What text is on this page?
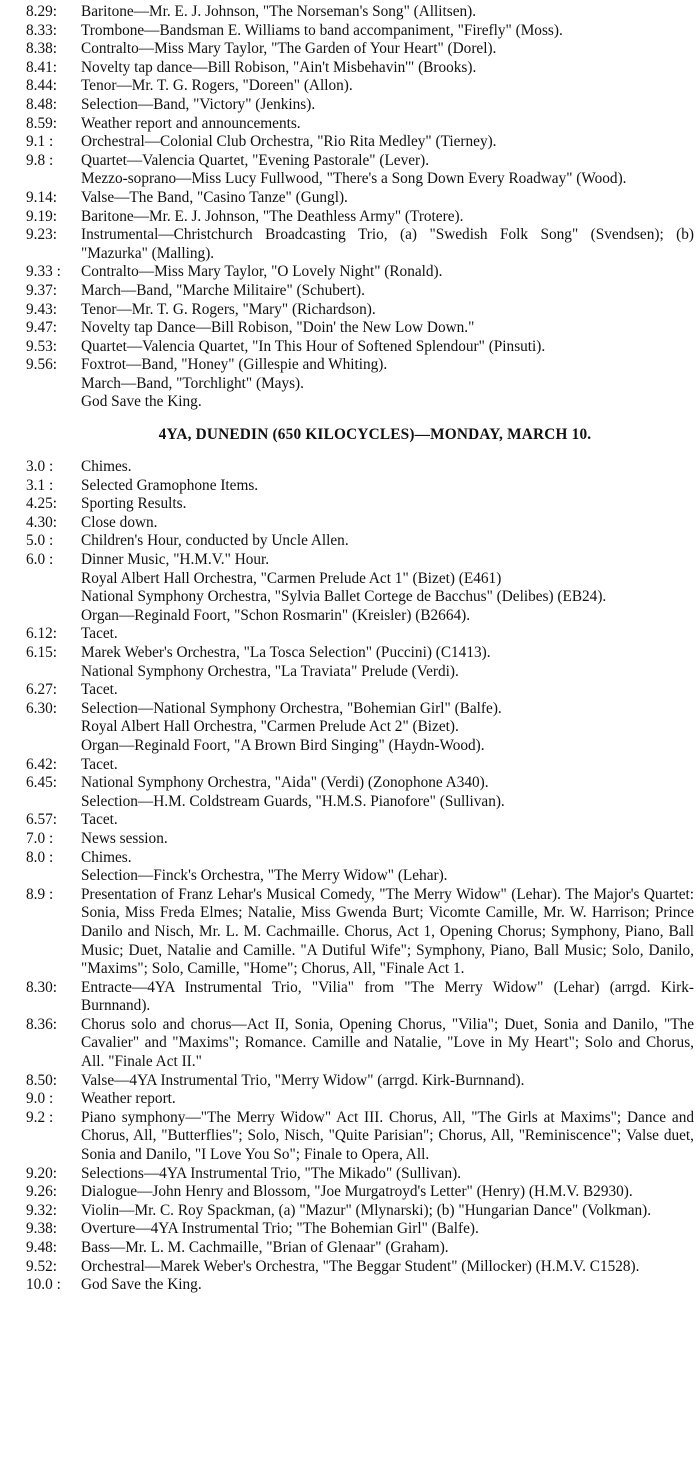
8.29:	Baritone—Mr. E. J. Johnson, "The Norseman's Song" (Allitsen).
8.33:	Trombone—Bandsman E. Williams to band accompaniment, "Firefly" (Moss).
8.38:	Contralto—Miss Mary Taylor, "The Garden of Your Heart" (Dorel).
8.41:	Novelty tap dance—Bill Robison, "Ain't Misbehavin'" (Brooks).
8.44:	Tenor—Mr. T. G. Rogers, "Doreen" (Allon).
8.48:	Selection—Band, "Victory" (Jenkins).
8.59:	Weather report and announcements.
9.1 :	Orchestral—Colonial Club Orchestra, "Rio Rita Medley" (Tierney).
9.8 :	Quartet—Valencia Quartet, "Evening Pastorale" (Lever).
Mezzo-soprano—Miss Lucy Fullwood, "There's a Song Down Every Roadway" (Wood).
9.14:	Valse—The Band, "Casino Tanze" (Gungl).
9.19:	Baritone—Mr. E. J. Johnson, "The Deathless Army" (Trotere).
9.23:	Instrumental—Christchurch Broadcasting Trio, (a) "Swedish Folk Song" (Svendsen); (b) "Mazurka" (Malling).
9.33 :	Contralto—Miss Mary Taylor, "O Lovely Night" (Ronald).
9.37:	March—Band, "Marche Militaire" (Schubert).
9.43:	Tenor—Mr. T. G. Rogers, "Mary" (Richardson).
9.47:	Novelty tap Dance—Bill Robison, "Doin' the New Low Down."
9.53:	Quartet—Valencia Quartet, "In This Hour of Softened Splendour" (Pinsuti).
9.56:	Foxtrot—Band, "Honey" (Gillespie and Whiting).
March—Band, "Torchlight" (Mays).
God Save the King.
4YA, DUNEDIN (650 KILOCYCLES)—MONDAY, MARCH 10.
3.0 :	Chimes.
3.1 :	Selected Gramophone Items.
4.25:	Sporting Results.
4.30:	Close down.
5.0 :	Children's Hour, conducted by Uncle Allen.
6.0 :	Dinner Music, "H.M.V." Hour.
Royal Albert Hall Orchestra, "Carmen Prelude Act 1" (Bizet) (E461)
National Symphony Orchestra, "Sylvia Ballet Cortege de Bacchus" (Delibes) (EB24).
Organ—Reginald Foort, "Schon Rosmarin" (Kreisler) (B2664).
6.12:	Tacet.
6.15:	Marek Weber's Orchestra, "La Tosca Selection" (Puccini) (C1413).
National Symphony Orchestra, "La Traviata" Prelude (Verdi).
6.27:	Tacet.
6.30:	Selection—National Symphony Orchestra, "Bohemian Girl" (Balfe).
Royal Albert Hall Orchestra, "Carmen Prelude Act 2" (Bizet).
Organ—Reginald Foort, "A Brown Bird Singing" (Haydn-Wood).
6.42:	Tacet.
6.45:	National Symphony Orchestra, "Aida" (Verdi) (Zonophone A340).
Selection—H.M. Coldstream Guards, "H.M.S. Pianofore" (Sullivan).
6.57:	Tacet.
7.0 :	News session.
8.0 :	Chimes.
Selection—Finck's Orchestra, "The Merry Widow" (Lehar).
8.9 :	Presentation of Franz Lehar's Musical Comedy, "The Merry Widow" (Lehar). The Major's Quartet: Sonia, Miss Freda Elmes; Natalie, Miss Gwenda Burt; Vicomte Camille, Mr. W. Harrison; Prince Danilo and Nisch, Mr. L. M. Cachmaille. Chorus, Act 1, Opening Chorus; Symphony, Piano, Ball Music; Duet, Natalie and Camille. "A Dutiful Wife"; Symphony, Piano, Ball Music; Solo, Danilo, "Maxims"; Solo, Camille, "Home"; Chorus, All, "Finale Act 1.
8.30:	Entracte—4YA Instrumental Trio, "Vilia" from "The Merry Widow" (Lehar) (arrgd. Kirk-Burnnand).
8.36:	Chorus solo and chorus—Act II, Sonia, Opening Chorus, "Vilia"; Duet, Sonia and Danilo, "The Cavalier" and "Maxims"; Romance. Camille and Natalie, "Love in My Heart"; Solo and Chorus, All. "Finale Act II."
8.50:	Valse—4YA Instrumental Trio, "Merry Widow" (arrgd. Kirk-Burnnand).
9.0 :	Weather report.
9.2 :	Piano symphony—"The Merry Widow" Act III. Chorus, All, "The Girls at Maxims"; Dance and Chorus, All, "Butterflies"; Solo, Nisch, "Quite Parisian"; Chorus, All, "Reminiscence"; Valse duet, Sonia and Danilo, "I Love You So"; Finale to Opera, All.
9.20:	Selections—4YA Instrumental Trio, "The Mikado" (Sullivan).
9.26:	Dialogue—John Henry and Blossom, "Joe Murgatroyd's Letter" (Henry) (H.M.V. B2930).
9.32:	Violin—Mr. C. Roy Spackman, (a) "Mazur" (Mlynarski); (b) "Hungarian Dance" (Volkman).
9.38:	Overture—4YA Instrumental Trio; "The Bohemian Girl" (Balfe).
9.48:	Bass—Mr. L. M. Cachmaille, "Brian of Glenaar" (Graham).
9.52:	Orchestral—Marek Weber's Orchestra, "The Beggar Student" (Millocker) (H.M.V. C1528).
10.0 :	God Save the King.
